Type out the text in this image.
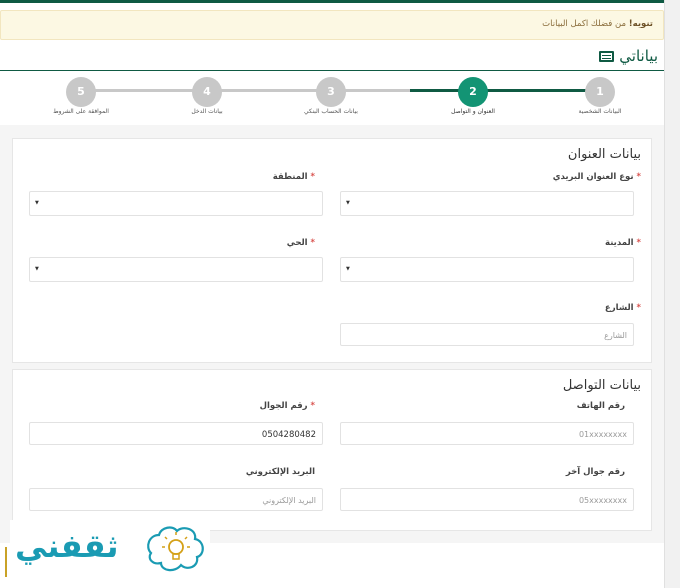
تنويه! من فضلك اكمل البيانات
بياناتي
1
البيانات الشخصية
2
العنوان و التواصل
3
بيانات الحساب البنكي
4
بيانات الدخل
5
الموافقة على الشروط
بيانات العنوان
* نوع العنوان البريدي
▼
* المنطقة
▼
* المدينة
▼
* الحي
▼
* الشارع
الشارع
بيانات التواصل
رقم الهاتف
01xxxxxxxx
* رقم الجوال
0504280482
رقم جوال آخر
05xxxxxxxx
البريد الإلكتروني
البريد الإلكتروني
ثقفني
